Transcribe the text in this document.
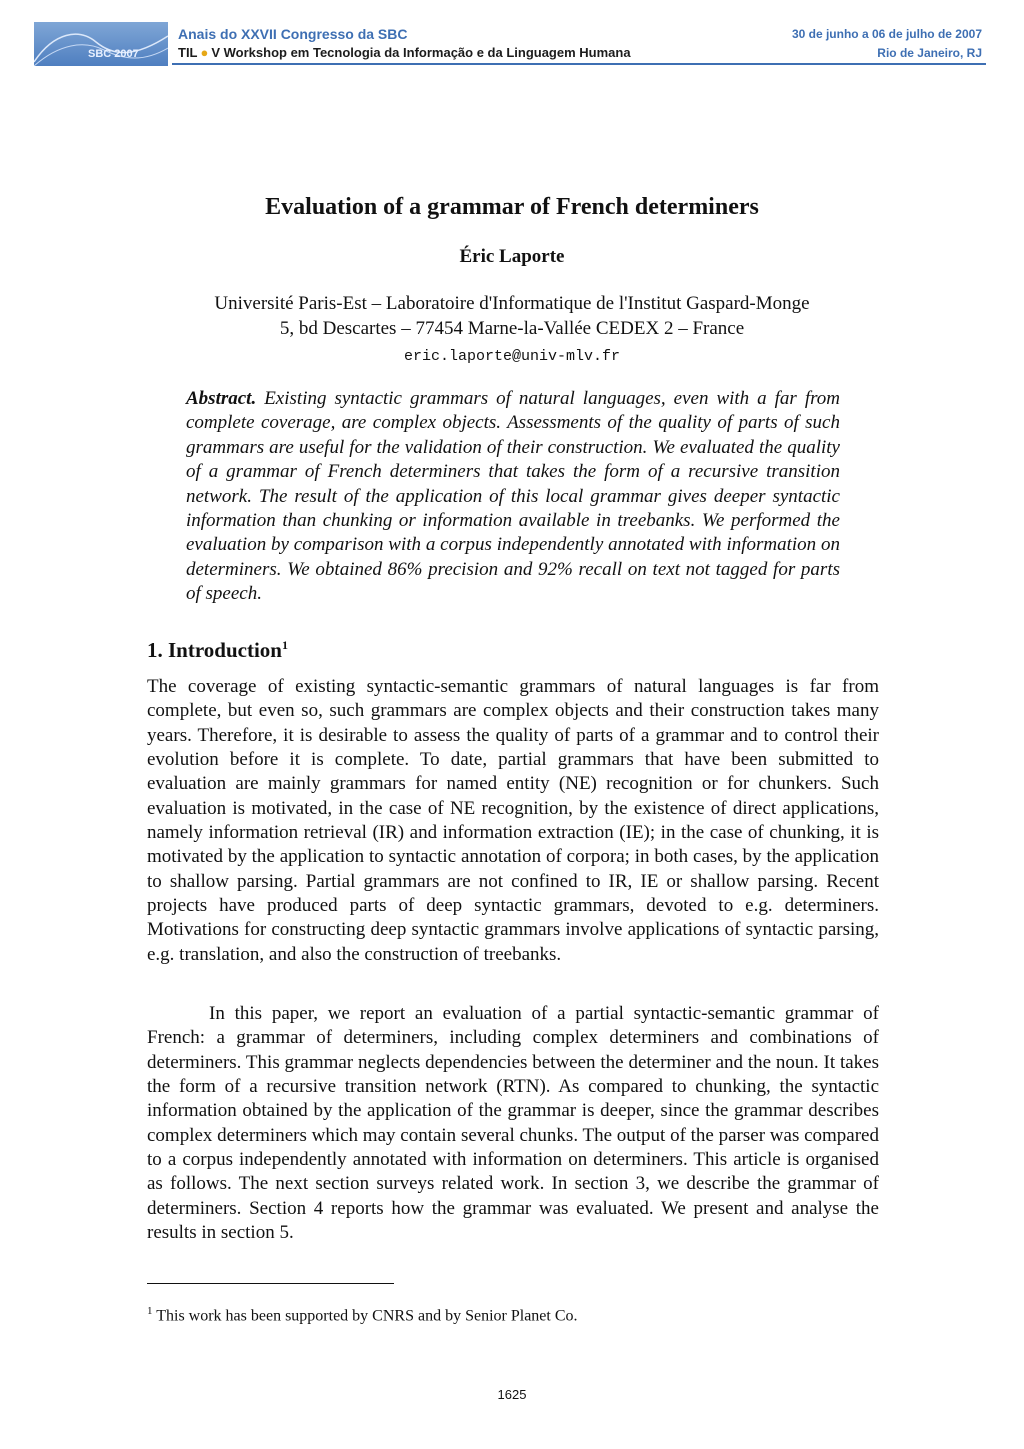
SBC 2007
Anais do XXVII Congresso da SBC
TIL ● V Workshop em Tecnologia da Informação e da Linguagem Humana
30 de junho a 06 de julho de 2007
Rio de Janeiro, RJ
Evaluation of a grammar of French determiners
Éric Laporte
Université Paris-Est – Laboratoire d'Informatique de l'Institut Gaspard-Monge
5, bd Descartes – 77454 Marne-la-Vallée CEDEX 2 – France
eric.laporte@univ-mlv.fr

Abstract. Existing syntactic grammars of natural languages, even with a far from complete coverage, are complex objects. Assessments of the quality of parts of such grammars are useful for the validation of their construction. We evaluated the quality of a grammar of French determiners that takes the form of a recursive transition network. The result of the application of this local grammar gives deeper syntactic information than chunking or information available in treebanks. We performed the evaluation by comparison with a corpus independently annotated with information on determiners. We obtained 86% precision and 92% recall on text not tagged for parts of speech.

1. Introduction$^1$

The coverage of existing syntactic-semantic grammars of natural languages is far from complete, but even so, such grammars are complex objects and their construction takes many years. Therefore, it is desirable to assess the quality of parts of a grammar and to control their evolution before it is complete. To date, partial grammars that have been submitted to evaluation are mainly grammars for named entity (NE) recognition or for chunkers. Such evaluation is motivated, in the case of NE recognition, by the existence of direct applications, namely information retrieval (IR) and information extraction (IE); in the case of chunking, it is motivated by the application to syntactic annotation of corpora; in both cases, by the application to shallow parsing. Partial grammars are not confined to IR, IE or shallow parsing. Recent projects have produced parts of deep syntactic grammars, devoted to e.g. determiners. Motivations for constructing deep syntactic grammars involve applications of syntactic parsing, e.g. translation, and also the construction of treebanks.

In this paper, we report an evaluation of a partial syntactic-semantic grammar of French: a grammar of determiners, including complex determiners and combinations of determiners. This grammar neglects dependencies between the determiner and the noun. It takes the form of a recursive transition network (RTN). As compared to chunking, the syntactic information obtained by the application of the grammar is deeper, since the grammar describes complex determiners which may contain several chunks. The output of the parser was compared to a corpus independently annotated with information on determiners. This article is organised as follows. The next section surveys related work. In section 3, we describe the grammar of determiners. Section 4 reports how the grammar was evaluated. We present and analyse the results in section 5.

$^1$ This work has been supported by CNRS and by Senior Planet Co.
1625
